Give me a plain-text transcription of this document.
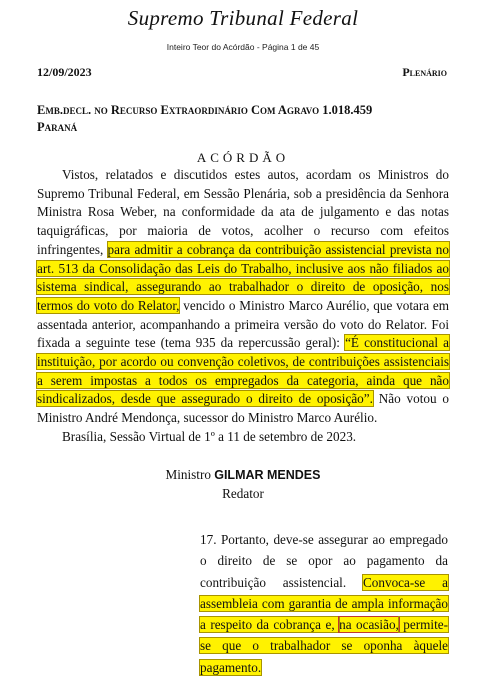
Supremo Tribunal Federal
Inteiro Teor do Acórdão - Página 1 de 45
12/09/2023	Plenário
Emb.decl. no Recurso Extraordinário Com Agravo 1.018.459
Paraná
ACÓRDÃO

Vistos, relatados e discutidos estes autos, acordam os Ministros do Supremo Tribunal Federal, em Sessão Plenária, sob a presidência da Senhora Ministra Rosa Weber, na conformidade da ata de julgamento e das notas taquigráficas, por maioria de votos, acolher o recurso com efeitos infringentes, para admitir a cobrança da contribuição assistencial prevista no art. 513 da Consolidação das Leis do Trabalho, inclusive aos não filiados ao sistema sindical, assegurando ao trabalhador o direito de oposição, nos termos do voto do Relator, vencido o Ministro Marco Aurélio, que votara em assentada anterior, acompanhando a primeira versão do voto do Relator. Foi fixada a seguinte tese (tema 935 da repercussão geral): “É constitucional a instituição, por acordo ou convenção coletivos, de contribuições assistenciais a serem impostas a todos os empregados da categoria, ainda que não sindicalizados, desde que assegurado o direito de oposição”. Não votou o Ministro André Mendonça, sucessor do Ministro Marco Aurélio.

Brasília, Sessão Virtual de 1º a 11 de setembro de 2023.

Ministro GILMAR MENDES
Redator

17. Portanto, deve-se assegurar ao empregado o direito de se opor ao pagamento da contribuição assistencial. Convoca-se a assembleia com garantia de ampla informação a respeito da cobrança e, na ocasião, permite-se que o trabalhador se oponha àquele pagamento.
